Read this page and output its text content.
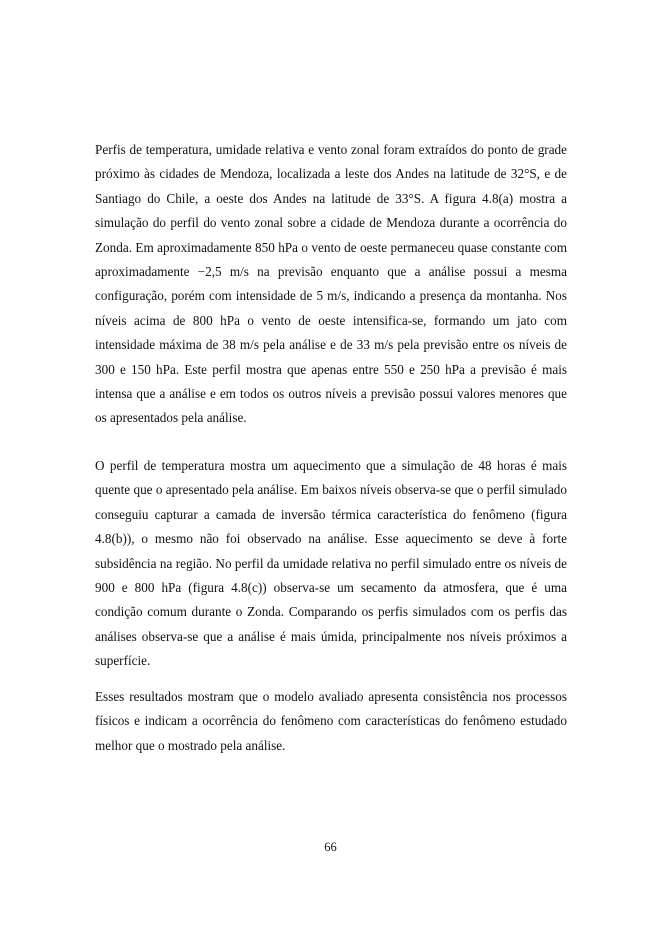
Perfis de temperatura, umidade relativa e vento zonal foram extraídos do ponto de grade próximo às cidades de Mendoza, localizada a leste dos Andes na latitude de 32°S, e de Santiago do Chile, a oeste dos Andes na latitude de 33°S. A figura 4.8(a) mostra a simulação do perfil do vento zonal sobre a cidade de Mendoza durante a ocorrência do Zonda. Em aproximadamente 850 hPa o vento de oeste permaneceu quase constante com aproximadamente −2,5 m/s na previsão enquanto que a análise possui a mesma configuração, porém com intensidade de 5 m/s, indicando a presença da montanha. Nos níveis acima de 800 hPa o vento de oeste intensifica-se, formando um jato com intensidade máxima de 38 m/s pela análise e de 33 m/s pela previsão entre os níveis de 300 e 150 hPa. Este perfil mostra que apenas entre 550 e 250 hPa a previsão é mais intensa que a análise e em todos os outros níveis a previsão possui valores menores que os apresentados pela análise.

O perfil de temperatura mostra um aquecimento que a simulação de 48 horas é mais quente que o apresentado pela análise. Em baixos níveis observa-se que o perfil simulado conseguiu capturar a camada de inversão térmica característica do fenômeno (figura 4.8(b)), o mesmo não foi observado na análise. Esse aquecimento se deve à forte subsidência na região. No perfil da umidade relativa no perfil simulado entre os níveis de 900 e 800 hPa (figura 4.8(c)) observa-se um secamento da atmosfera, que é uma condição comum durante o Zonda. Comparando os perfis simulados com os perfis das análises observa-se que a análise é mais úmida, principalmente nos níveis próximos a superfície.

Esses resultados mostram que o modelo avaliado apresenta consistência nos processos físicos e indicam a ocorrência do fenômeno com características do fenômeno estudado melhor que o mostrado pela análise.

66
